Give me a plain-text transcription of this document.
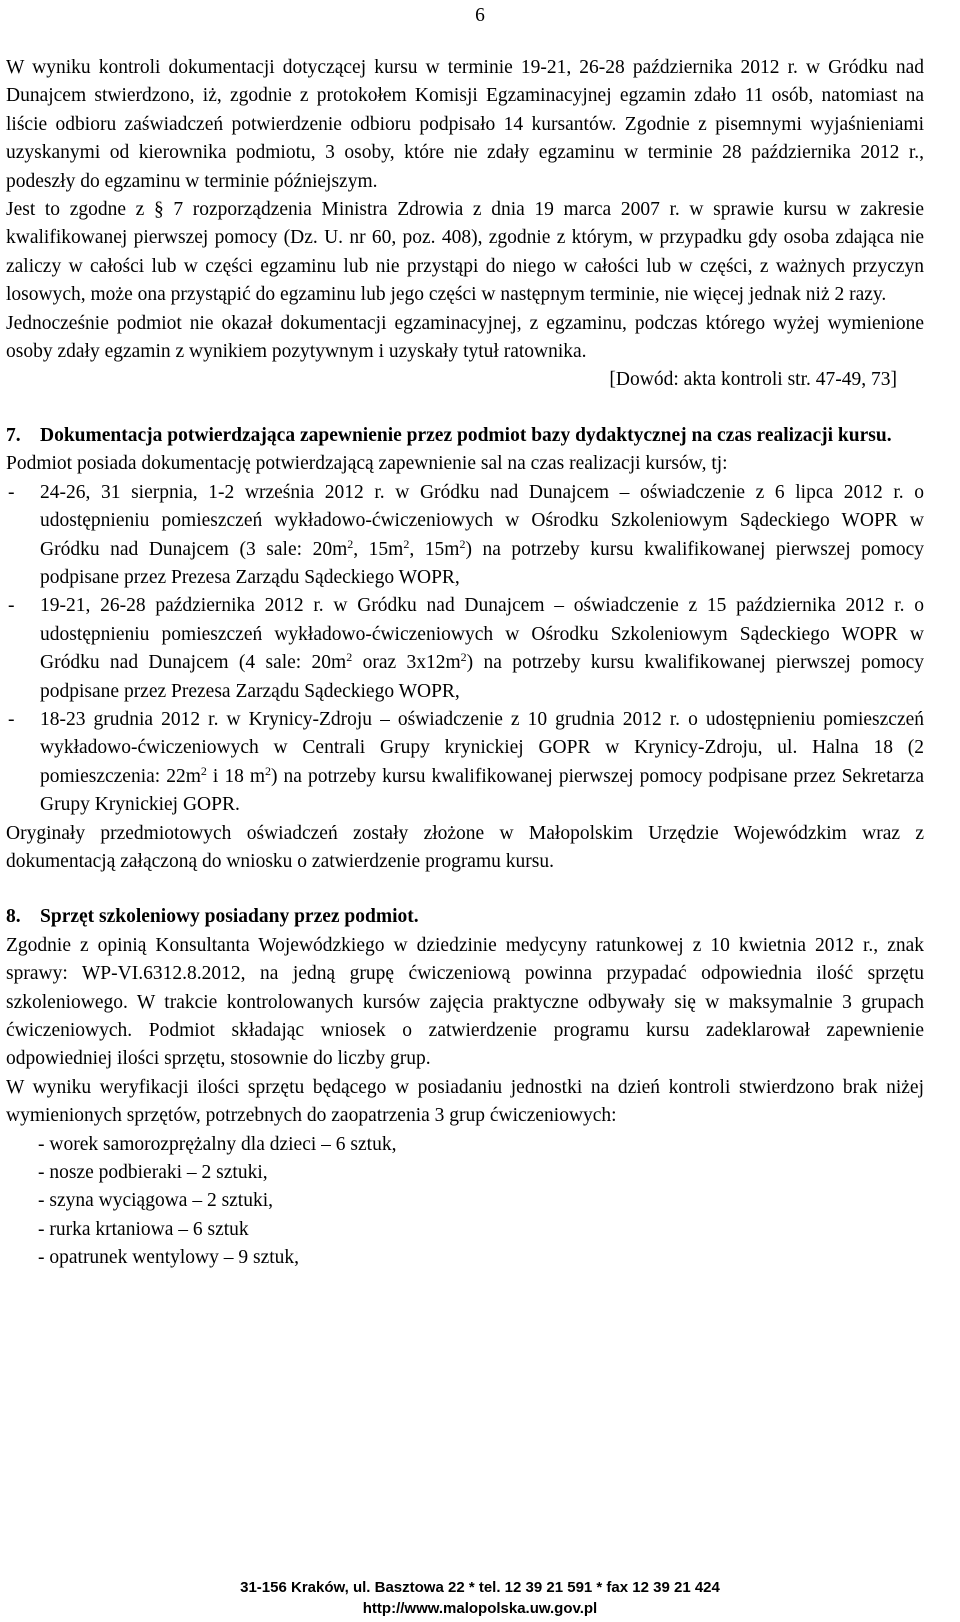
6

W wyniku kontroli dokumentacji dotyczącej kursu w terminie 19-21, 26-28 października 2012 r. w Gródku nad Dunajcem stwierdzono, iż, zgodnie z protokołem Komisji Egzaminacyjnej egzamin zdało 11 osób, natomiast na liście odbioru zaświadczeń potwierdzenie odbioru podpisało 14 kursantów. Zgodnie z pisemnymi wyjaśnieniami uzyskanymi od kierownika podmiotu, 3 osoby, które nie zdały egzaminu w terminie 28 października 2012 r., podeszły do egzaminu w terminie późniejszym.

Jest to zgodne z § 7 rozporządzenia Ministra Zdrowia z dnia 19 marca 2007 r. w sprawie kursu w zakresie kwalifikowanej pierwszej pomocy (Dz. U. nr 60, poz. 408), zgodnie z którym, w przypadku gdy osoba zdająca nie zaliczy w całości lub w części egzaminu lub nie przystąpi do niego w całości lub w części, z ważnych przyczyn losowych, może ona przystąpić do egzaminu lub jego części w następnym terminie, nie więcej jednak niż 2 razy.

Jednocześnie podmiot nie okazał dokumentacji egzaminacyjnej, z egzaminu, podczas którego wyżej wymienione osoby zdały egzamin z wynikiem pozytywnym i uzyskały tytuł ratownika.

[Dowód: akta kontroli str. 47-49, 73]

7. Dokumentacja potwierdzająca zapewnienie przez podmiot bazy dydaktycznej na czas realizacji kursu.

Podmiot posiada dokumentację potwierdzającą zapewnienie sal na czas realizacji kursów, tj:

-	24-26, 31 sierpnia, 1-2 września 2012 r. w Gródku nad Dunajcem – oświadczenie z 6 lipca 2012 r. o udostępnieniu pomieszczeń wykładowo-ćwiczeniowych w Ośrodku Szkoleniowym Sądeckiego WOPR w Gródku nad Dunajcem (3 sale: $20m^2$, $15m^2$, $15m^2$) na potrzeby kursu kwalifikowanej pierwszej pomocy podpisane przez Prezesa Zarządu Sądeckiego WOPR,
-	19-21, 26-28 października 2012 r. w Gródku nad Dunajcem – oświadczenie z 15 października 2012 r. o udostępnieniu pomieszczeń wykładowo-ćwiczeniowych w Ośrodku Szkoleniowym Sądeckiego WOPR w Gródku nad Dunajcem (4 sale: $20m^2$ oraz $3x12m^2$) na potrzeby kursu kwalifikowanej pierwszej pomocy podpisane przez Prezesa Zarządu Sądeckiego WOPR,
-	18-23 grudnia 2012 r. w Krynicy-Zdroju – oświadczenie z 10 grudnia 2012 r. o udostępnieniu pomieszczeń wykładowo-ćwiczeniowych w Centrali Grupy krynickiej GOPR w Krynicy-Zdroju, ul. Halna 18 (2 pomieszczenia: $22m^2$ i 18 $m^2$) na potrzeby kursu kwalifikowanej pierwszej pomocy podpisane przez Sekretarza Grupy Krynickiej GOPR.

Oryginały przedmiotowych oświadczeń zostały złożone w Małopolskim Urzędzie Wojewódzkim wraz z dokumentacją załączoną do wniosku o zatwierdzenie programu kursu.

8. Sprzęt szkoleniowy posiadany przez podmiot.

Zgodnie z opinią Konsultanta Wojewódzkiego w dziedzinie medycyny ratunkowej z 10 kwietnia 2012 r., znak sprawy: WP-VI.6312.8.2012, na jedną grupę ćwiczeniową powinna przypadać odpowiednia ilość sprzętu szkoleniowego. W trakcie kontrolowanych kursów zajęcia praktyczne odbywały się w maksymalnie 3 grupach ćwiczeniowych. Podmiot składając wniosek o zatwierdzenie programu kursu zadeklarował zapewnienie odpowiedniej ilości sprzętu, stosownie do liczby grup.

W wyniku weryfikacji ilości sprzętu będącego w posiadaniu jednostki na dzień kontroli stwierdzono brak niżej wymienionych sprzętów, potrzebnych do zaopatrzenia 3 grup ćwiczeniowych:

- worek samorozprężalny dla dzieci – 6 sztuk,
- nosze podbieraki – 2 sztuki,
- szyna wyciągowa – 2 sztuki,
- rurka krtaniowa – 6 sztuk
- opatrunek wentylowy – 9 sztuk,
31-156 Kraków, ul. Basztowa 22 * tel. 12 39 21 591 * fax 12 39 21 424
http://www.malopolska.uw.gov.pl
